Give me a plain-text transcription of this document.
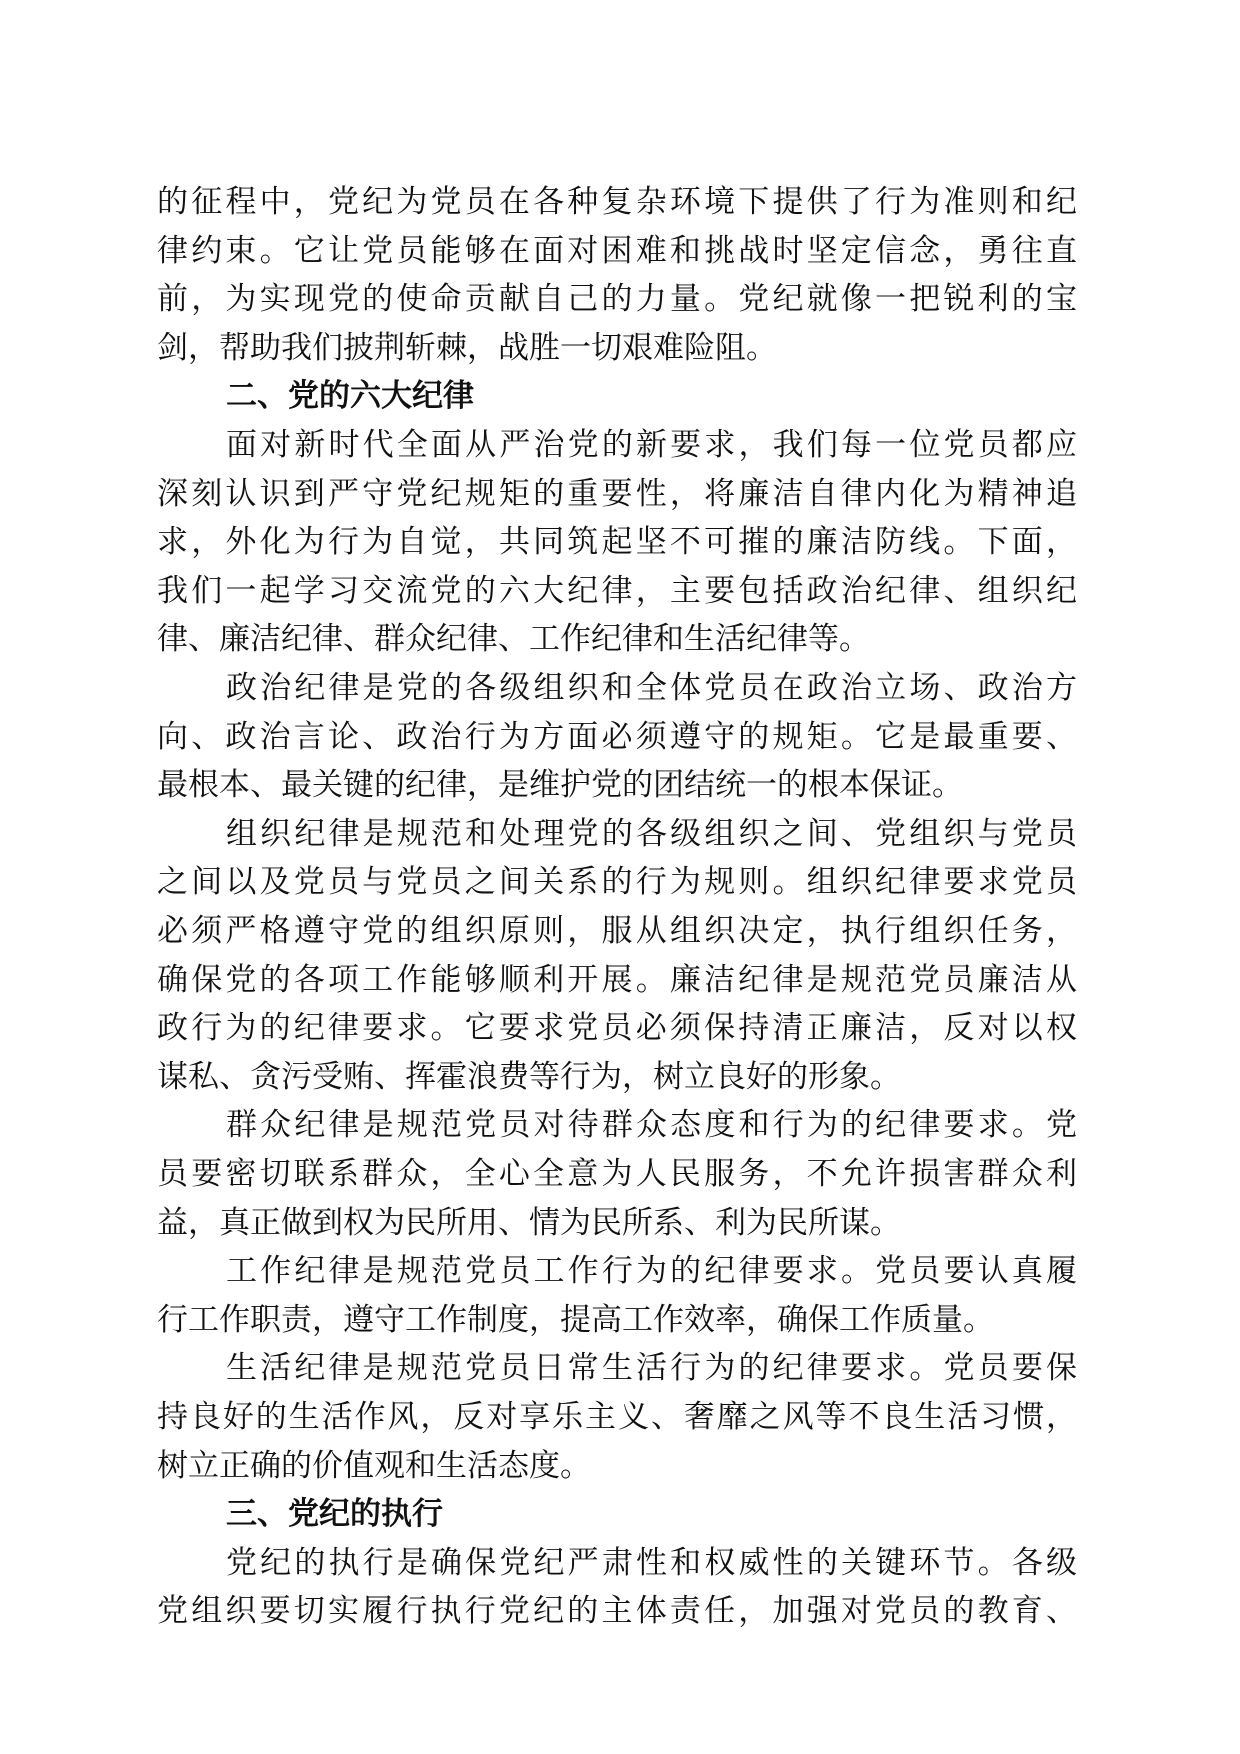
的征程中，党纪为党员在各种复杂环境下提供了行为准则和纪
律约束。它让党员能够在面对困难和挑战时坚定信念，勇往直
前，为实现党的使命贡献自己的力量。党纪就像一把锐利的宝
剑，帮助我们披荆斩棘，战胜一切艰难险阻。
二、党的六大纪律
面对新时代全面从严治党的新要求，我们每一位党员都应
深刻认识到严守党纪规矩的重要性，将廉洁自律内化为精神追
求，外化为行为自觉，共同筑起坚不可摧的廉洁防线。下面，
我们一起学习交流党的六大纪律，主要包括政治纪律、组织纪
律、廉洁纪律、群众纪律、工作纪律和生活纪律等。
政治纪律是党的各级组织和全体党员在政治立场、政治方
向、政治言论、政治行为方面必须遵守的规矩。它是最重要、
最根本、最关键的纪律，是维护党的团结统一的根本保证。
组织纪律是规范和处理党的各级组织之间、党组织与党员
之间以及党员与党员之间关系的行为规则。组织纪律要求党员
必须严格遵守党的组织原则，服从组织决定，执行组织任务，
确保党的各项工作能够顺利开展。廉洁纪律是规范党员廉洁从
政行为的纪律要求。它要求党员必须保持清正廉洁，反对以权
谋私、贪污受贿、挥霍浪费等行为，树立良好的形象。
群众纪律是规范党员对待群众态度和行为的纪律要求。党
员要密切联系群众，全心全意为人民服务，不允许损害群众利
益，真正做到权为民所用、情为民所系、利为民所谋。
工作纪律是规范党员工作行为的纪律要求。党员要认真履
行工作职责，遵守工作制度，提高工作效率，确保工作质量。
生活纪律是规范党员日常生活行为的纪律要求。党员要保
持良好的生活作风，反对享乐主义、奢靡之风等不良生活习惯，
树立正确的价值观和生活态度。
三、党纪的执行
党纪的执行是确保党纪严肃性和权威性的关键环节。各级
党组织要切实履行执行党纪的主体责任，加强对党员的教育、
